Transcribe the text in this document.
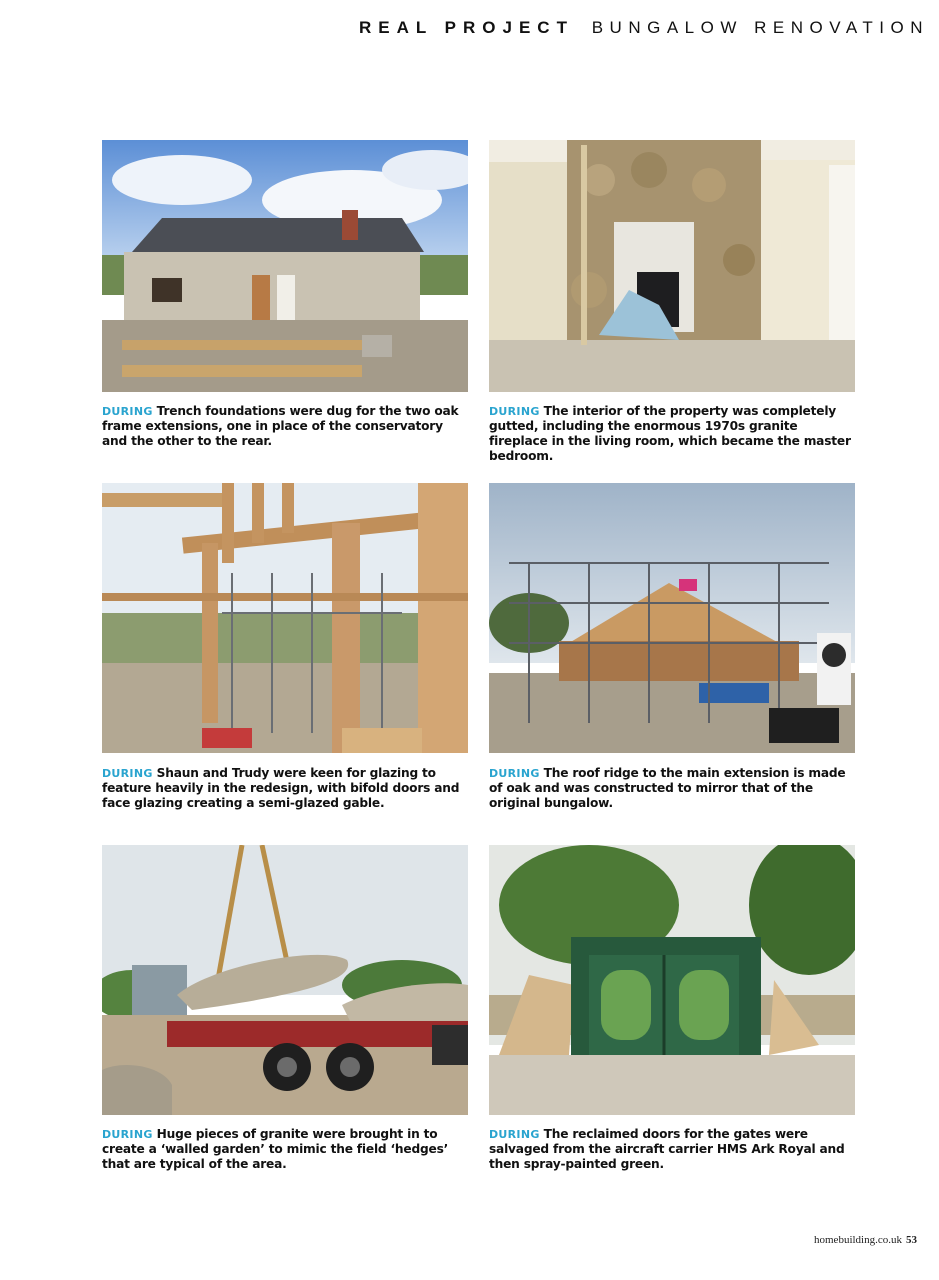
REAL PROJECT BUNGALOW RENOVATION
DURING Trench foundations were dug for the two oak frame extensions, one in place of the conservatory and the other to the rear.
DURING The interior of the property was completely gutted, including the enormous 1970s granite fireplace in the living room, which became the master bedroom.
DURING Shaun and Trudy were keen for glazing to feature heavily in the redesign, with bifold doors and face glazing creating a semi-glazed gable.
DURING The roof ridge to the main extension is made of oak and was constructed to mirror that of the original bungalow.
DURING Huge pieces of granite were brought in to create a ‘walled garden’ to mimic the field ‘hedges’ that are typical of the area.
DURING The reclaimed doors for the gates were salvaged from the aircraft carrier HMS Ark Royal and then spray-painted green.
homebuilding.co.uk 53
